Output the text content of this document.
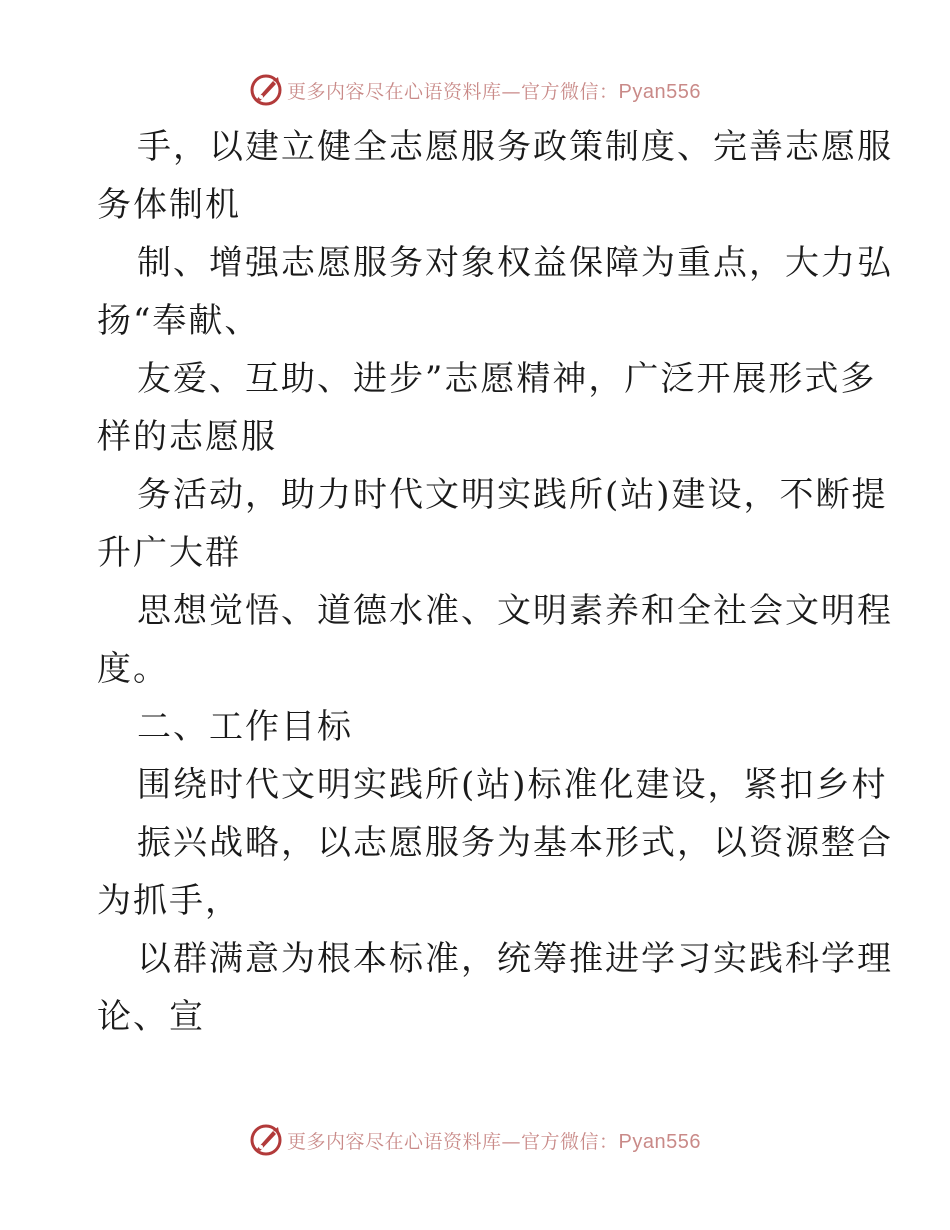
更多内容尽在心语资料库—官方微信：Pyan556
手，以建立健全志愿服务政策制度、完善志愿服
务体制机
制、增强志愿服务对象权益保障为重点，大力弘
扬“奉献、
友爱、互助、进步”志愿精神，广泛开展形式多
样的志愿服
务活动，助力时代文明实践所(站)建设，不断提
升广大群
思想觉悟、道德水准、文明素养和全社会文明程
度。
二、工作目标
围绕时代文明实践所(站)标准化建设，紧扣乡村
振兴战略，以志愿服务为基本形式，以资源整合
为抓手，
以群满意为根本标准，统筹推进学习实践科学理
论、宣
更多内容尽在心语资料库—官方微信：Pyan556
